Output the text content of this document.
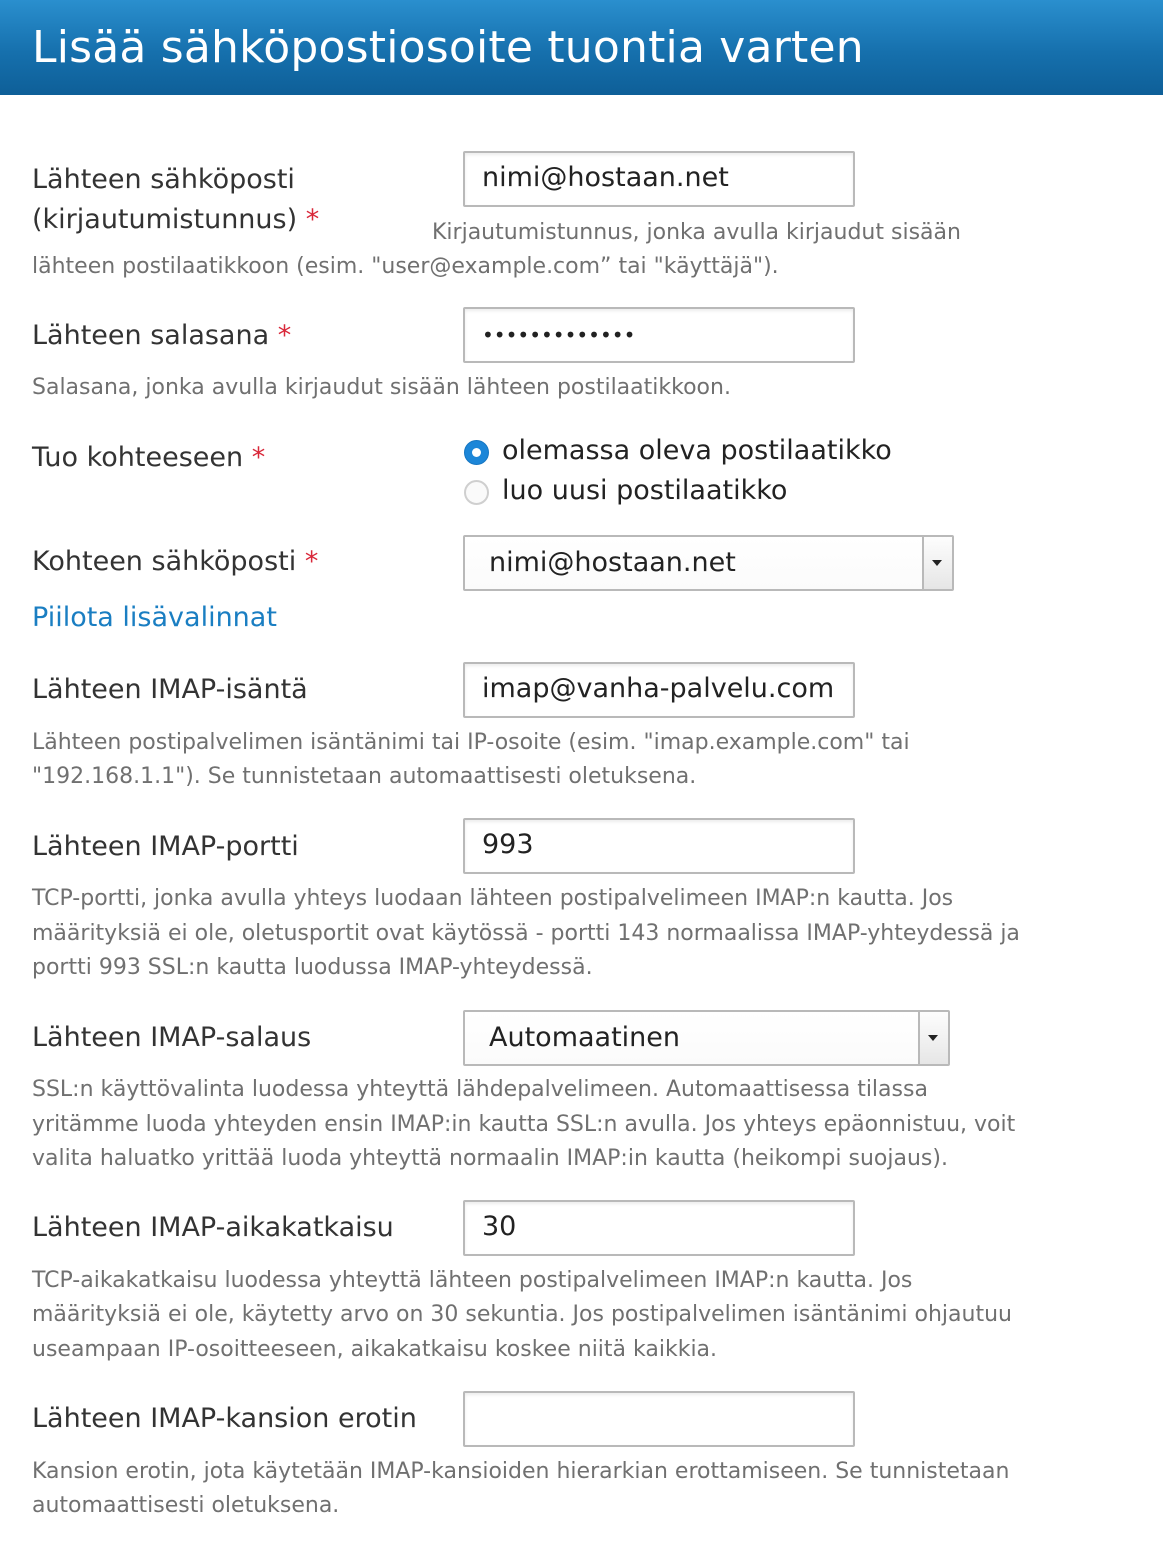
Lisää sähköpostiosoite tuontia varten
Lähteen sähköposti
(kirjautumistunnus) *
nimi@hostaan.net
Kirjautumistunnus, jonka avulla kirjaudut sisään
lähteen postilaatikkoon (esim. "user@example.com” tai "käyttäjä").
Lähteen salasana *	•••••••••••••
Salasana, jonka avulla kirjaudut sisään lähteen postilaatikkoon.
Tuo kohteeseen *	olemassa oleva postilaatikko
luo uusi postilaatikko
Kohteen sähköposti *	nimi@hostaan.net
Piilota lisävalinnat
Lähteen IMAP-isäntä	imap@vanha-palvelu.com
Lähteen postipalvelimen isäntänimi tai IP-osoite (esim. "imap.example.com" tai
"192.168.1.1"). Se tunnistetaan automaattisesti oletuksena.
Lähteen IMAP-portti	993
TCP-portti, jonka avulla yhteys luodaan lähteen postipalvelimeen IMAP:n kautta. Jos
määrityksiä ei ole, oletusportit ovat käytössä - portti 143 normaalissa IMAP-yhteydessä ja
portti 993 SSL:n kautta luodussa IMAP-yhteydessä.
Lähteen IMAP-salaus	Automaatinen
SSL:n käyttövalinta luodessa yhteyttä lähdepalvelimeen. Automaattisessa tilassa
yritämme luoda yhteyden ensin IMAP:in kautta SSL:n avulla. Jos yhteys epäonnistuu, voit
valita haluatko yrittää luoda yhteyttä normaalin IMAP:in kautta (heikompi suojaus).
Lähteen IMAP-aikakatkaisu	30
TCP-aikakatkaisu luodessa yhteyttä lähteen postipalvelimeen IMAP:n kautta. Jos
määrityksiä ei ole, käytetty arvo on 30 sekuntia. Jos postipalvelimen isäntänimi ohjautuu
useampaan IP-osoitteeseen, aikakatkaisu koskee niitä kaikkia.
Lähteen IMAP-kansion erotin
Kansion erotin, jota käytetään IMAP-kansioiden hierarkian erottamiseen. Se tunnistetaan
automaattisesti oletuksena.
